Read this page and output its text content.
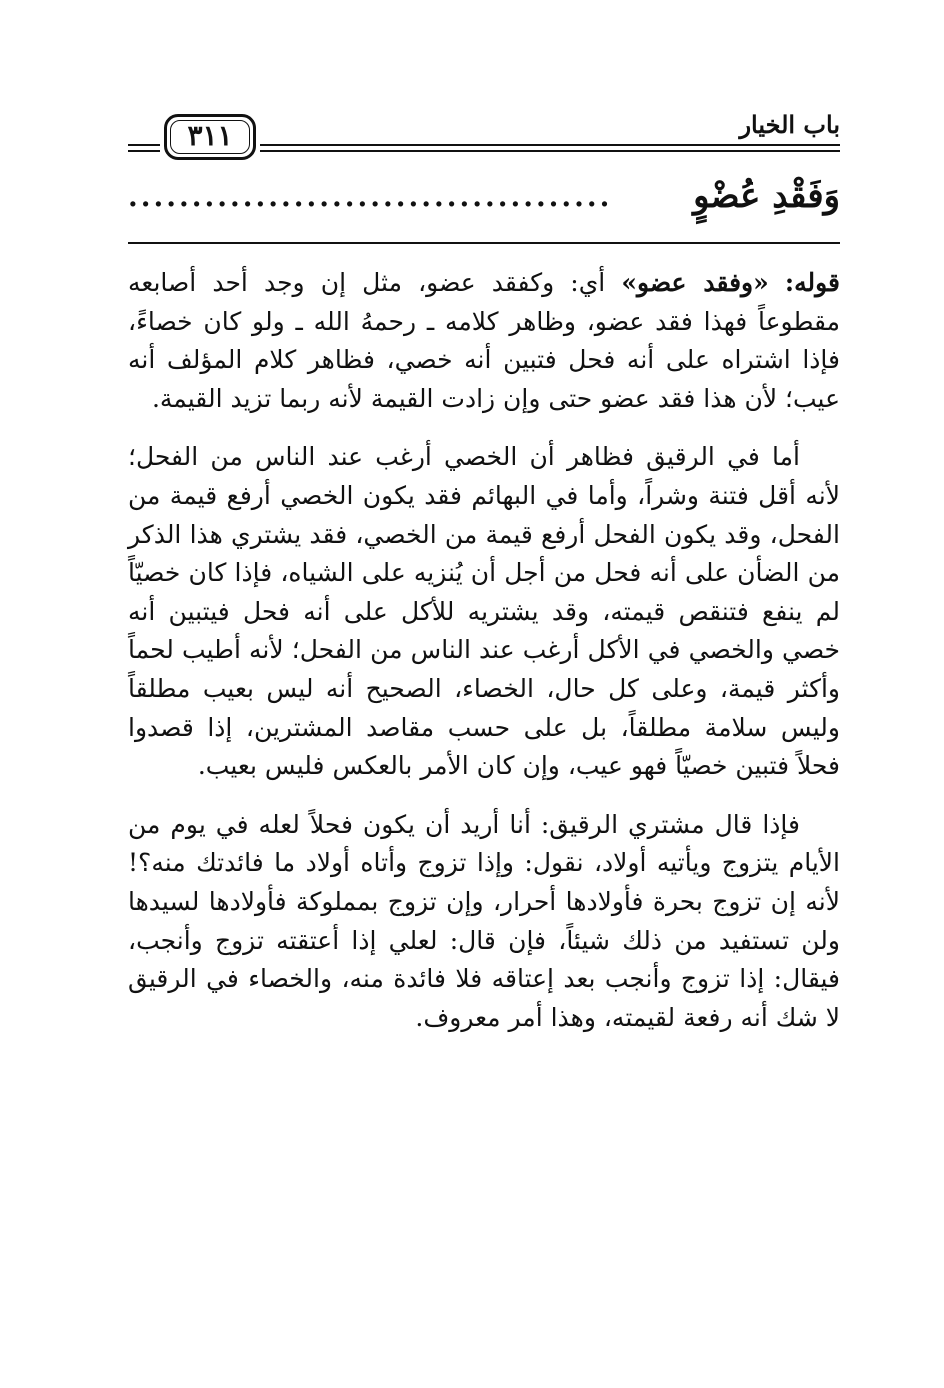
باب الخيار
٣١١
وَفَقْدِ عُضْوٍ
......................................

قوله: «وفقد عضو» أي: وكفقد عضو، مثل إن وجد أحد أصابعه مقطوعاً فهذا فقد عضو، وظاهر كلامه ـ رحمهُ الله ـ ولو كان خصاءً، فإذا اشتراه على أنه فحل فتبين أنه خصي، فظاهر كلام المؤلف أنه عيب؛ لأن هذا فقد عضو حتى وإن زادت القيمة لأنه ربما تزيد القيمة.

أما في الرقيق فظاهر أن الخصي أرغب عند الناس من الفحل؛ لأنه أقل فتنة وشراً، وأما في البهائم فقد يكون الخصي أرفع قيمة من الفحل، وقد يكون الفحل أرفع قيمة من الخصي، فقد يشتري هذا الذكر من الضأن على أنه فحل من أجل أن يُنزيه على الشياه، فإذا كان خصيّاً لم ينفع فتنقص قيمته، وقد يشتريه للأكل على أنه فحل فيتبين أنه خصي والخصي في الأكل أرغب عند الناس من الفحل؛ لأنه أطيب لحماً وأكثر قيمة، وعلى كل حال، الخصاء، الصحيح أنه ليس بعيب مطلقاً وليس سلامة مطلقاً، بل على حسب مقاصد المشترين، إذا قصدوا فحلاً فتبين خصيّاً فهو عيب، وإن كان الأمر بالعكس فليس بعيب.

فإذا قال مشتري الرقيق: أنا أريد أن يكون فحلاً لعله في يوم من الأيام يتزوج ويأتيه أولاد، نقول: وإذا تزوج وأتاه أولاد ما فائدتك منه؟! لأنه إن تزوج بحرة فأولادها أحرار، وإن تزوج بمملوكة فأولادها لسيدها ولن تستفيد من ذلك شيئاً، فإن قال: لعلي إذا أعتقته تزوج وأنجب، فيقال: إذا تزوج وأنجب بعد إعتاقه فلا فائدة منه، والخصاء في الرقيق لا شك أنه رفعة لقيمته، وهذا أمر معروف.
